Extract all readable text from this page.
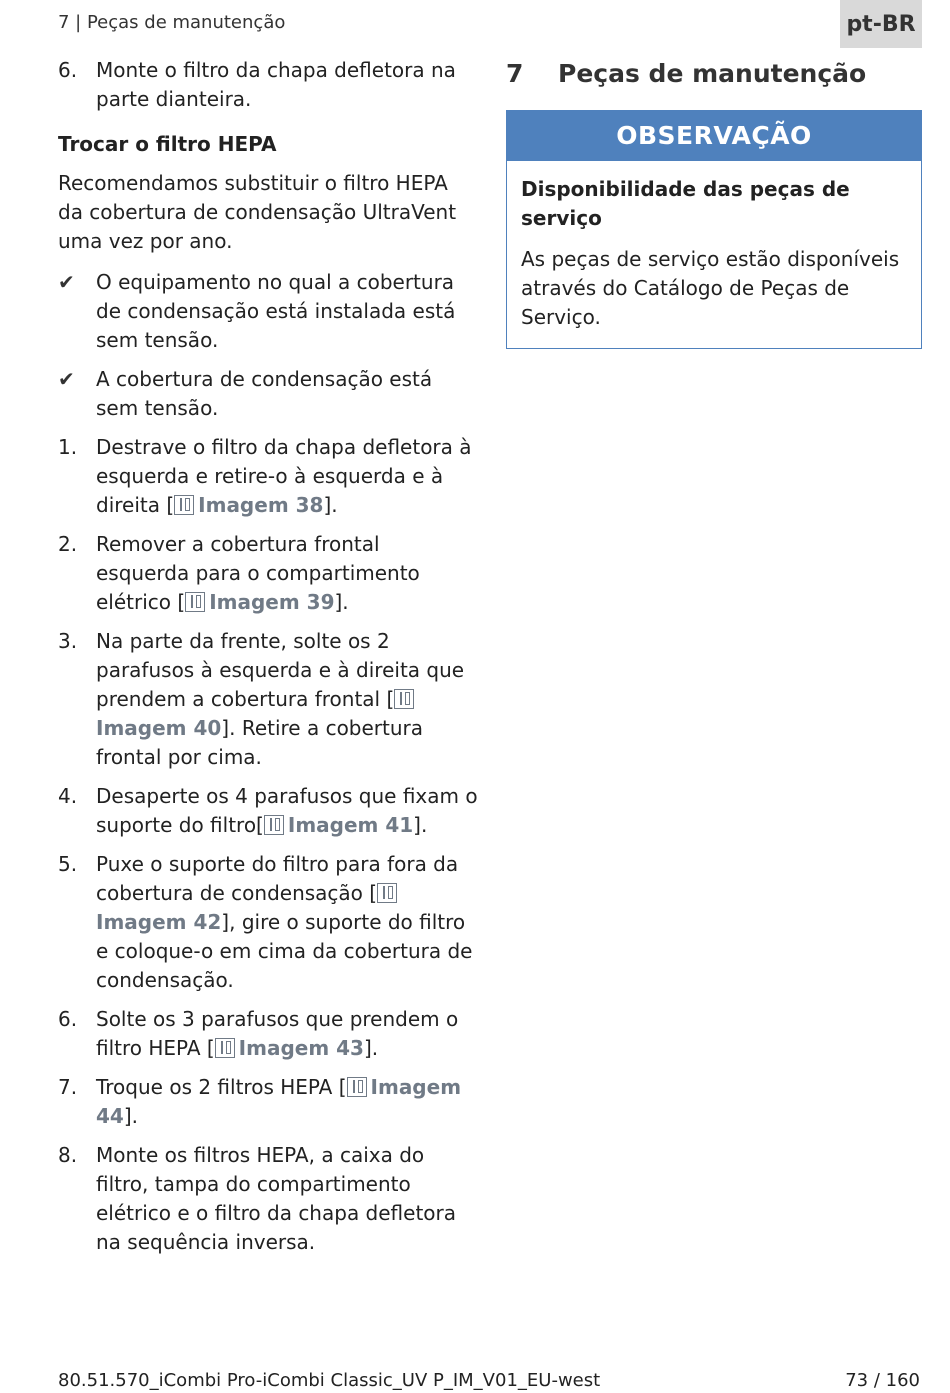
7 | Peças de manutenção	pt-BR
6. Monte o filtro da chapa defletora na parte dianteira.
Trocar o filtro HEPA

Recomendamos substituir o filtro HEPA da cobertura de condensação UltraVent uma vez por ano.

✔	O equipamento no qual a cobertura de condensação está instalada está sem tensão.
✔	A cobertura de condensação está sem tensão.
1. Destrave o filtro da chapa defletora à esquerda e retire-o à esquerda e à direita [ Imagem 38].
2. Remover a cobertura frontal esquerda para o compartimento elétrico [ Imagem 39].
3. Na parte da frente, solte os 2 parafusos à esquerda e à direita que prendem a cobertura frontal [Imagem 40]. Retire a cobertura frontal por cima.
4. Desaperte os 4 parafusos que fixam o suporte do filtro[ Imagem 41].
5. Puxe o suporte do filtro para fora da cobertura de condensação [Imagem 42], gire o suporte do filtro e coloque-o em cima da cobertura de condensação.
6. Solte os 3 parafusos que prendem o filtro HEPA [ Imagem 43].
7. Troque os 2 filtros HEPA [ Imagem 44].
8. Monte os filtros HEPA, a caixa do filtro, tampa do compartimento elétrico e o filtro da chapa defletora na sequência inversa.
7	Peças de manutenção
OBSERVAÇÃO
Disponibilidade das peças de serviço

As peças de serviço estão disponíveis através do Catálogo de Peças de Serviço.

80.51.570_iCombi Pro-iCombi Classic_UV P_IM_V01_EU-west	73 / 160
